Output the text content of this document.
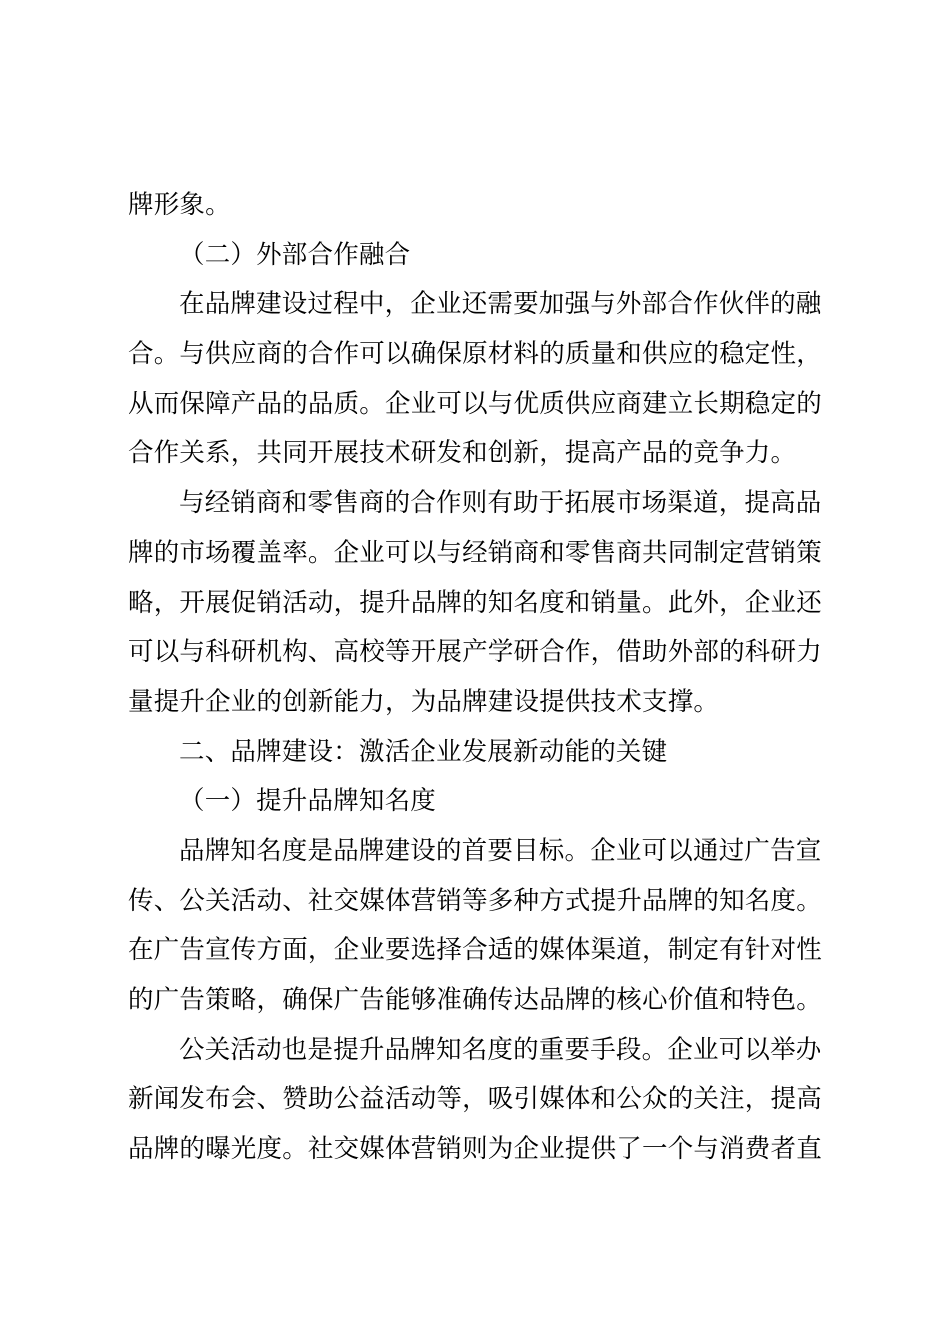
牌形象。
（二）外部合作融合
在品牌建设过程中，企业还需要加强与外部合作伙伴的融
合。与供应商的合作可以确保原材料的质量和供应的稳定性，
从而保障产品的品质。企业可以与优质供应商建立长期稳定的
合作关系，共同开展技术研发和创新，提高产品的竞争力。
与经销商和零售商的合作则有助于拓展市场渠道，提高品
牌的市场覆盖率。企业可以与经销商和零售商共同制定营销策
略，开展促销活动，提升品牌的知名度和销量。此外，企业还
可以与科研机构、高校等开展产学研合作，借助外部的科研力
量提升企业的创新能力，为品牌建设提供技术支撑。
二、品牌建设：激活企业发展新动能的关键
（一）提升品牌知名度
品牌知名度是品牌建设的首要目标。企业可以通过广告宣
传、公关活动、社交媒体营销等多种方式提升品牌的知名度。
在广告宣传方面，企业要选择合适的媒体渠道，制定有针对性
的广告策略，确保广告能够准确传达品牌的核心价值和特色。
公关活动也是提升品牌知名度的重要手段。企业可以举办
新闻发布会、赞助公益活动等，吸引媒体和公众的关注，提高
品牌的曝光度。社交媒体营销则为企业提供了一个与消费者直
